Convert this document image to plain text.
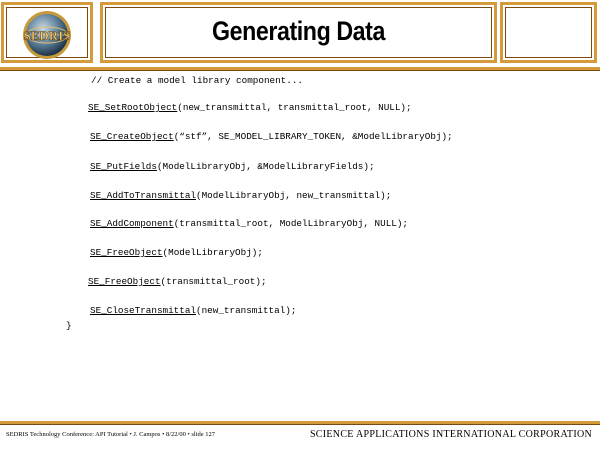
SEDRIS	Generating Data
// Create a model library component...
SE_SetRootObject(new_transmittal, transmittal_root, NULL);
SE_CreateObject(“stf”, SE_MODEL_LIBRARY_TOKEN, &ModelLibraryObj);
SE_PutFields(ModelLibraryObj, &ModelLibraryFields);
SE_AddToTransmittal(ModelLibraryObj, new_transmittal);
SE_AddComponent(transmittal_root, ModelLibraryObj, NULL);
SE_FreeObject(ModelLibraryObj);
SE_FreeObject(transmittal_root);
SE_CloseTransmittal(new_transmittal);
}
SEDRIS Technology Conference: API Tutorial • J. Campos • 8/22/00 • slide 127	SCIENCE APPLICATIONS INTERNATIONAL CORPORATION
